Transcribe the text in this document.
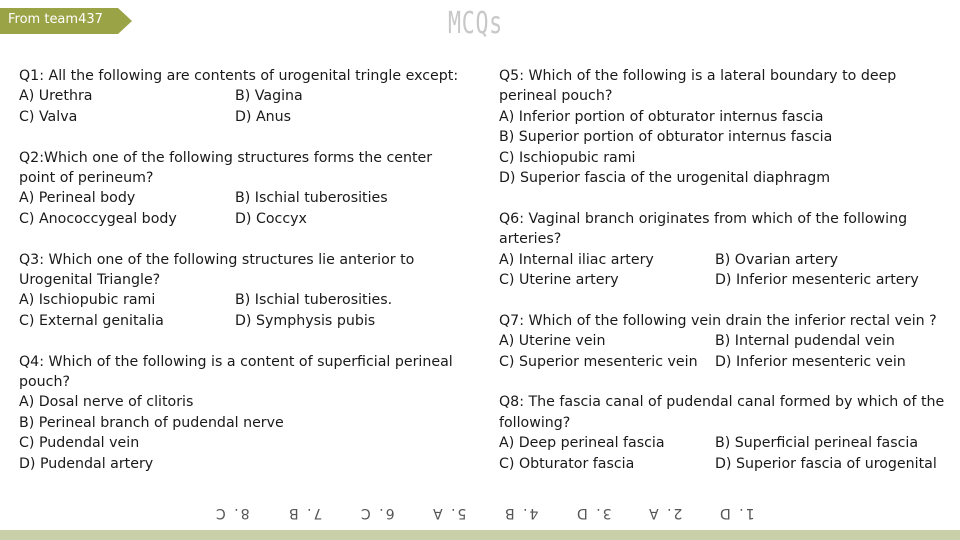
From team437	MCQs

Q1: All the following are contents of urogenital tringle except:

A) Urethra	B) Vagina
C) Valva	D) Anus

Q2:Which one of the following structures forms the center point of perineum?

A) Perineal body	B) Ischial tuberosities
C) Anococcygeal body	D) Coccyx

Q3: Which one of the following structures lie anterior to Urogenital Triangle?

A) Ischiopubic rami	B) Ischial tuberosities.
C) External genitalia	D) Symphysis pubis

Q4: Which of the following is a content of superficial perineal pouch?

A) Dosal nerve of clitoris
B) Perineal branch of pudendal nerve
C) Pudendal vein
D) Pudendal artery

Q5: Which of the following is a lateral boundary to deep perineal pouch?

A) Inferior portion of obturator internus fascia
B) Superior portion of obturator internus fascia
C) Ischiopubic rami
D) Superior fascia of the urogenital diaphragm

Q6: Vaginal branch originates from which of the following arteries?

A) Internal iliac artery	B) Ovarian artery
C) Uterine artery	D) Inferior mesenteric artery

Q7: Which of the following vein drain the inferior rectal vein ?

A) Uterine vein	B) Internal pudendal vein
C) Superior mesenteric vein	D) Inferior mesenteric vein

Q8: The fascia canal of pudendal canal formed by which of the following?

A) Deep perineal fascia	B) Superficial perineal fascia
C) Obturator fascia	D) Superior fascia of urogenital
1. D
2. A
3. D
4. B
5. A
6. C
7. B
8. C
